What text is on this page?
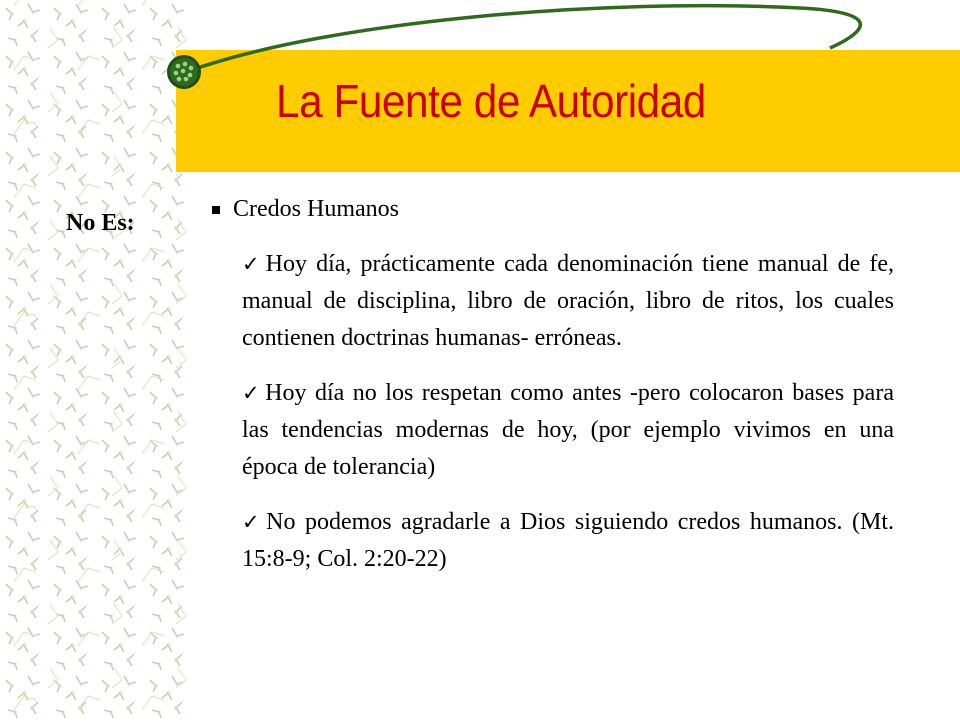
La Fuente de Autoridad
No Es:
Credos Humanos

✓ Hoy día, prácticamente cada denominación tiene manual de fe, manual de disciplina, libro de oración, libro de ritos, los cuales contienen doctrinas humanas- erróneas.

✓ Hoy día no los respetan como antes -pero colocaron bases para las tendencias modernas de hoy, (por ejemplo vivimos en una época de tolerancia)

✓ No podemos agradarle a Dios siguiendo credos humanos. (Mt. 15:8-9; Col. 2:20-22)
